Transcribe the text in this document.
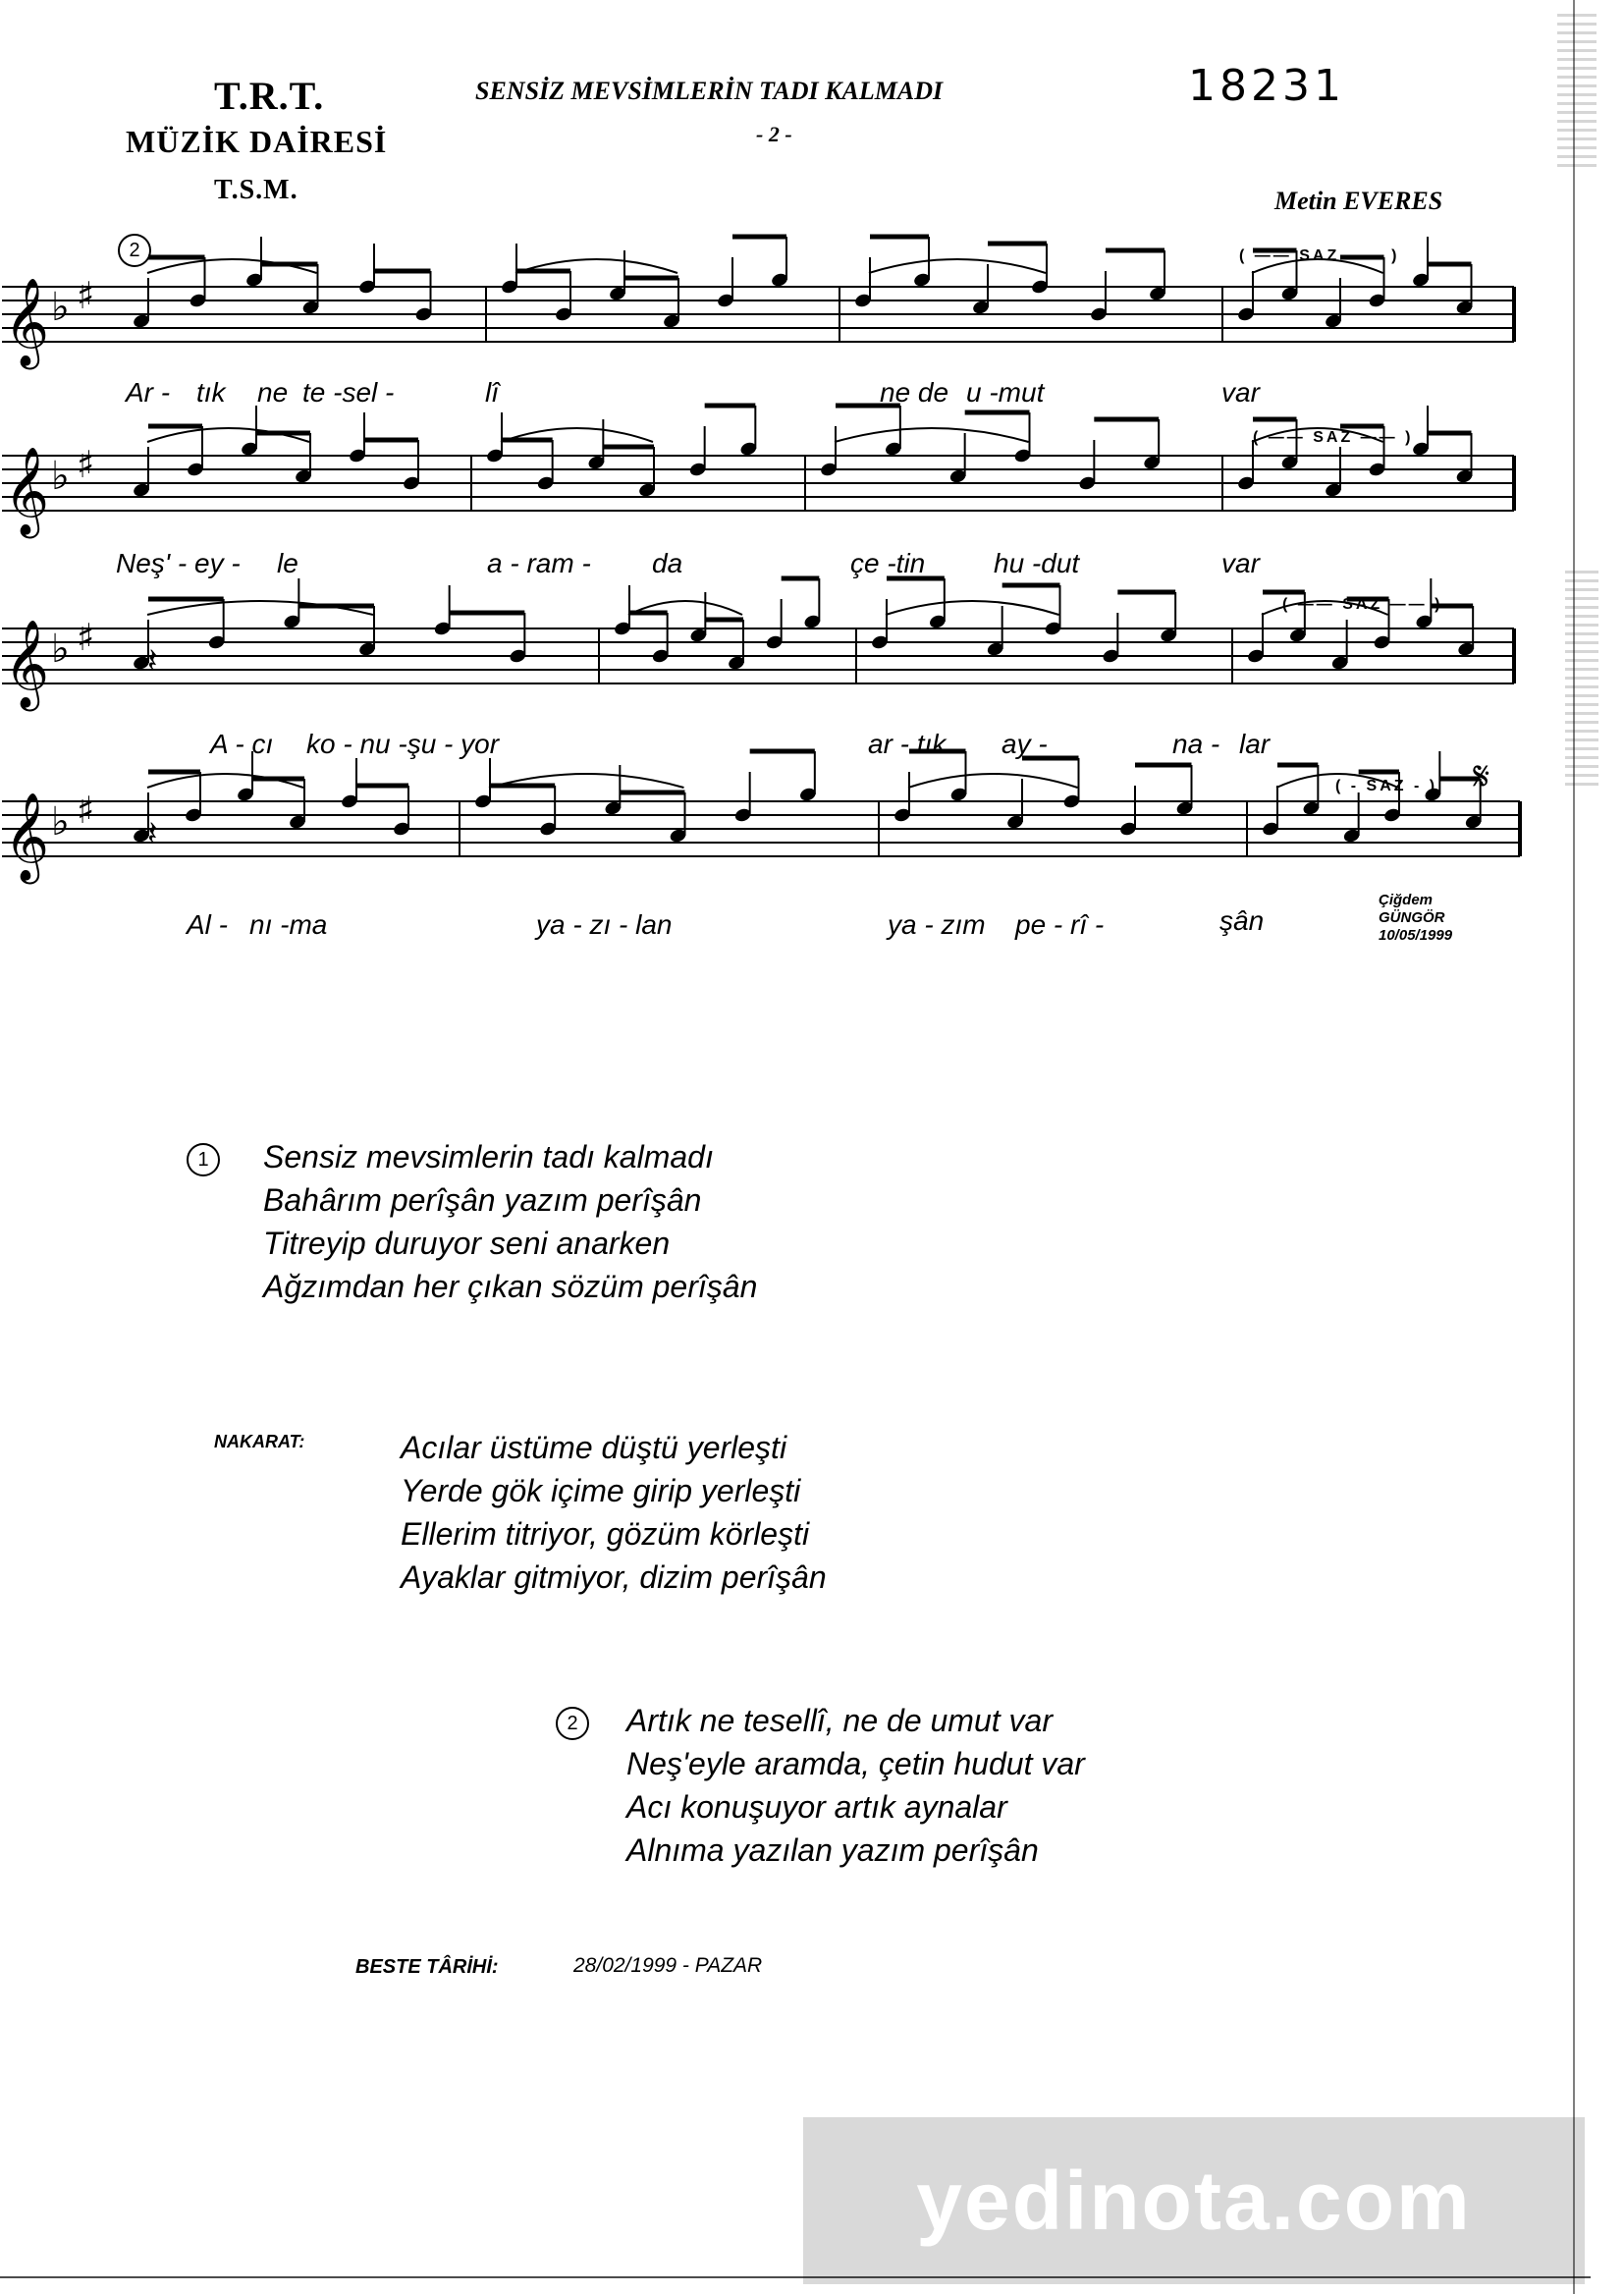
T.R.T.
MÜZİK DAİRESİ
T.S.M.
SENSİZ MEVSİMLERİN TADI KALMADI
- 2 -
18231
Metin EVERES
𝄞 ♭ ♯
𝄞 ♭ ♯
𝄞 ♭ ♯
𝄽
𝄞 ♭ ♯
𝄽
𝄋
2	( —— SAZ —— )
( —— SAZ —— )
( —— SAZ —— )
( - SAZ - )
Ar - tık ne te -sel -	lî	ne de u -mut	var
Neş' - ey - le	a - ram - da	çe -tin hu -dut	var
A - cı ko - nu -şu - yor	ar - tık ay -	na - lar
Al - nı -ma	ya - zı - lan	ya - zım pe - rî -	şân
Çiğdem GÜNGÖR
10/05/1999
1	Sensiz mevsimlerin tadı kalmadı
Bahârım perîşân yazım perîşân
Titreyip duruyor seni anarken
Ağzımdan her çıkan sözüm perîşân
NAKARAT:	Acılar üstüme düştü yerleşti
Yerde gök içime girip yerleşti
Ellerim titriyor, gözüm körleşti
Ayaklar gitmiyor, dizim perîşân
2	Artık ne tesellî, ne de umut var
Neş'eyle aramda, çetin hudut var
Acı konuşuyor artık aynalar
Alnıma yazılan yazım perîşân
BESTE TÂRİHİ:	28/02/1999 - PAZAR
yedinota.com
